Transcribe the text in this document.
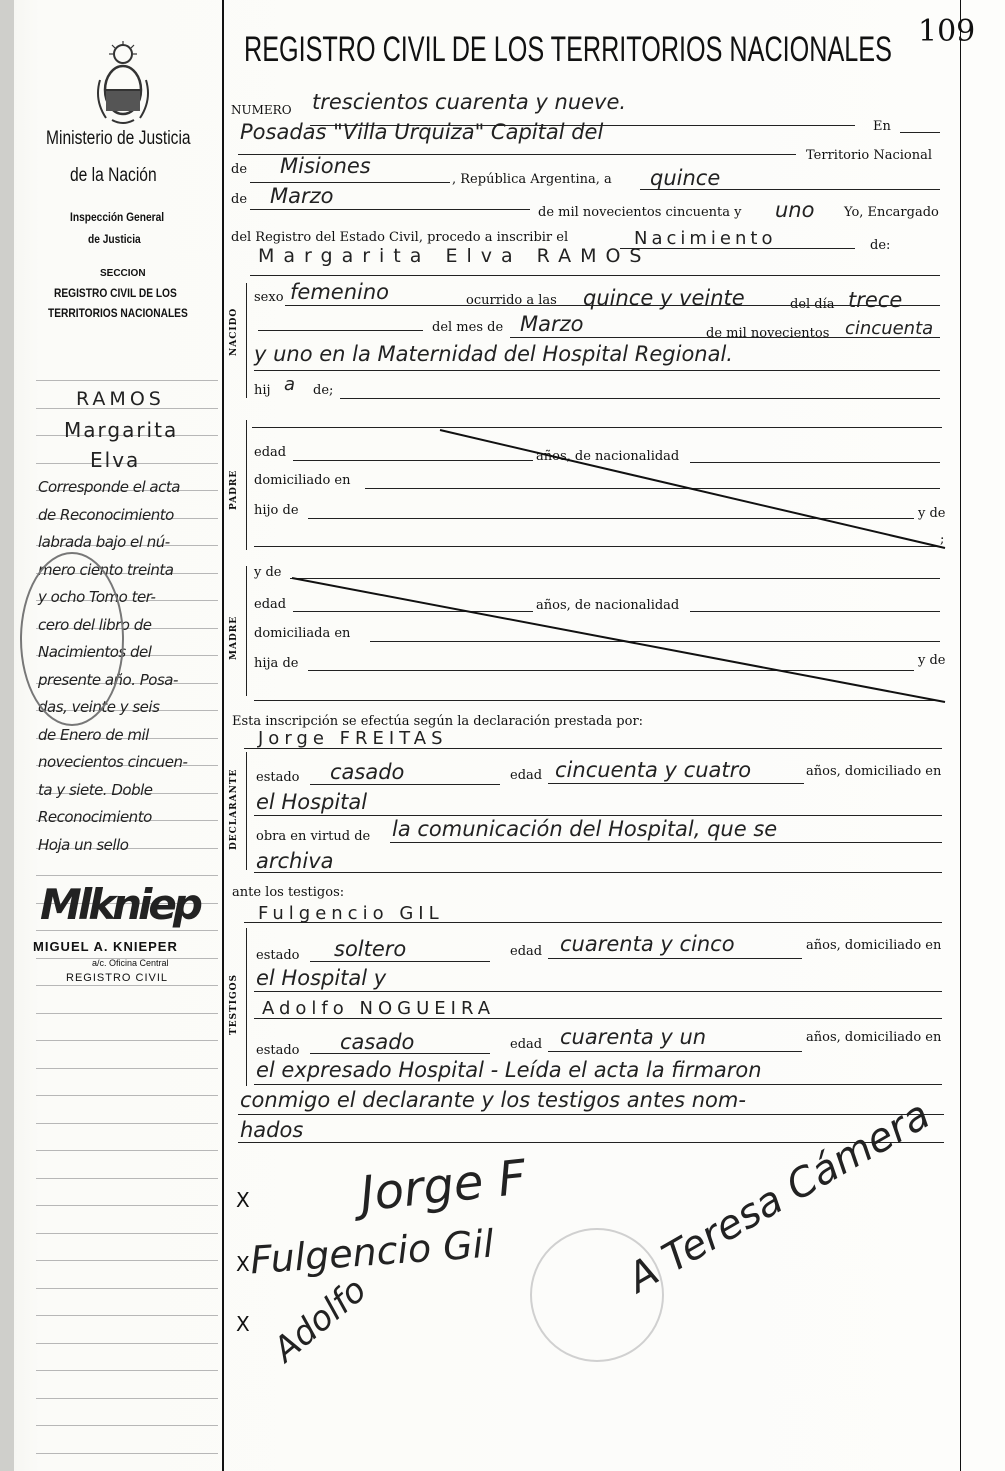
109
Ministerio de Justicia
de la Nación
Inspección General
de Justicia
SECCION
REGISTRO CIVIL DE LOS
TERRITORIOS NACIONALES
RAMOS
Margarita
Elva
Corresponde el acta
de Reconocimiento
labrada bajo el nú-
mero ciento treinta
y ocho Tomo ter-
cero del libro de
Nacimientos del
presente año. Posa-
das, veinte y seis
de Enero de mil
novecientos cincuen-
ta y siete. Doble
Reconocimiento
Hoja un sello
Mlkniep
MIGUEL A. KNIEPER
a/c. Oficina Central
REGISTRO CIVIL
REGISTRO CIVIL DE LOS TERRITORIOS NACIONALES
NUMERO trescientos cuarenta y nueve.
En
Posadas "Villa Urquiza" Capital del
Territorio Nacional
de Misiones
, República Argentina, a quince
de Marzo
de mil novecientos cincuenta y uno Yo, Encargado
del Registro del Estado Civil, procedo a inscribir el	Nacimiento	de:
Margarita Elva RAMOS
NACIDO
sexo femenino	ocurrido a las quince y veinte	del día trece
del mes de Marzo	de mil novecientos cincuenta
y uno en la Maternidad del Hospital Regional.
hij a de;
PADRE
edad	años, de nacionalidad
domiciliado en
hijo de	y de
;
MADRE
y de
edad	años, de nacionalidad
domiciliada en
hija de	y de
Esta inscripción se efectúa según la declaración prestada por:
Jorge FREITAS
DECLARANTE estado casado	edad cincuenta y cuatro	años, domiciliado en
el Hospital
obra en virtud de la comunicación del Hospital, que se
archiva
ante los testigos:
Fulgencio GIL
TESTIGOS
estado soltero	edad cuarenta y cinco	años, domiciliado en
el Hospital y
Adolfo NOGUEIRA
estado casado	edad cuarenta y un	años, domiciliado en
el expresado Hospital - Leída el acta la firmaron
conmigo el declarante y los testigos antes nom-
hados
X
X
X
Jorge F
Fulgencio Gil
Adolfo
A Teresa Cámera
